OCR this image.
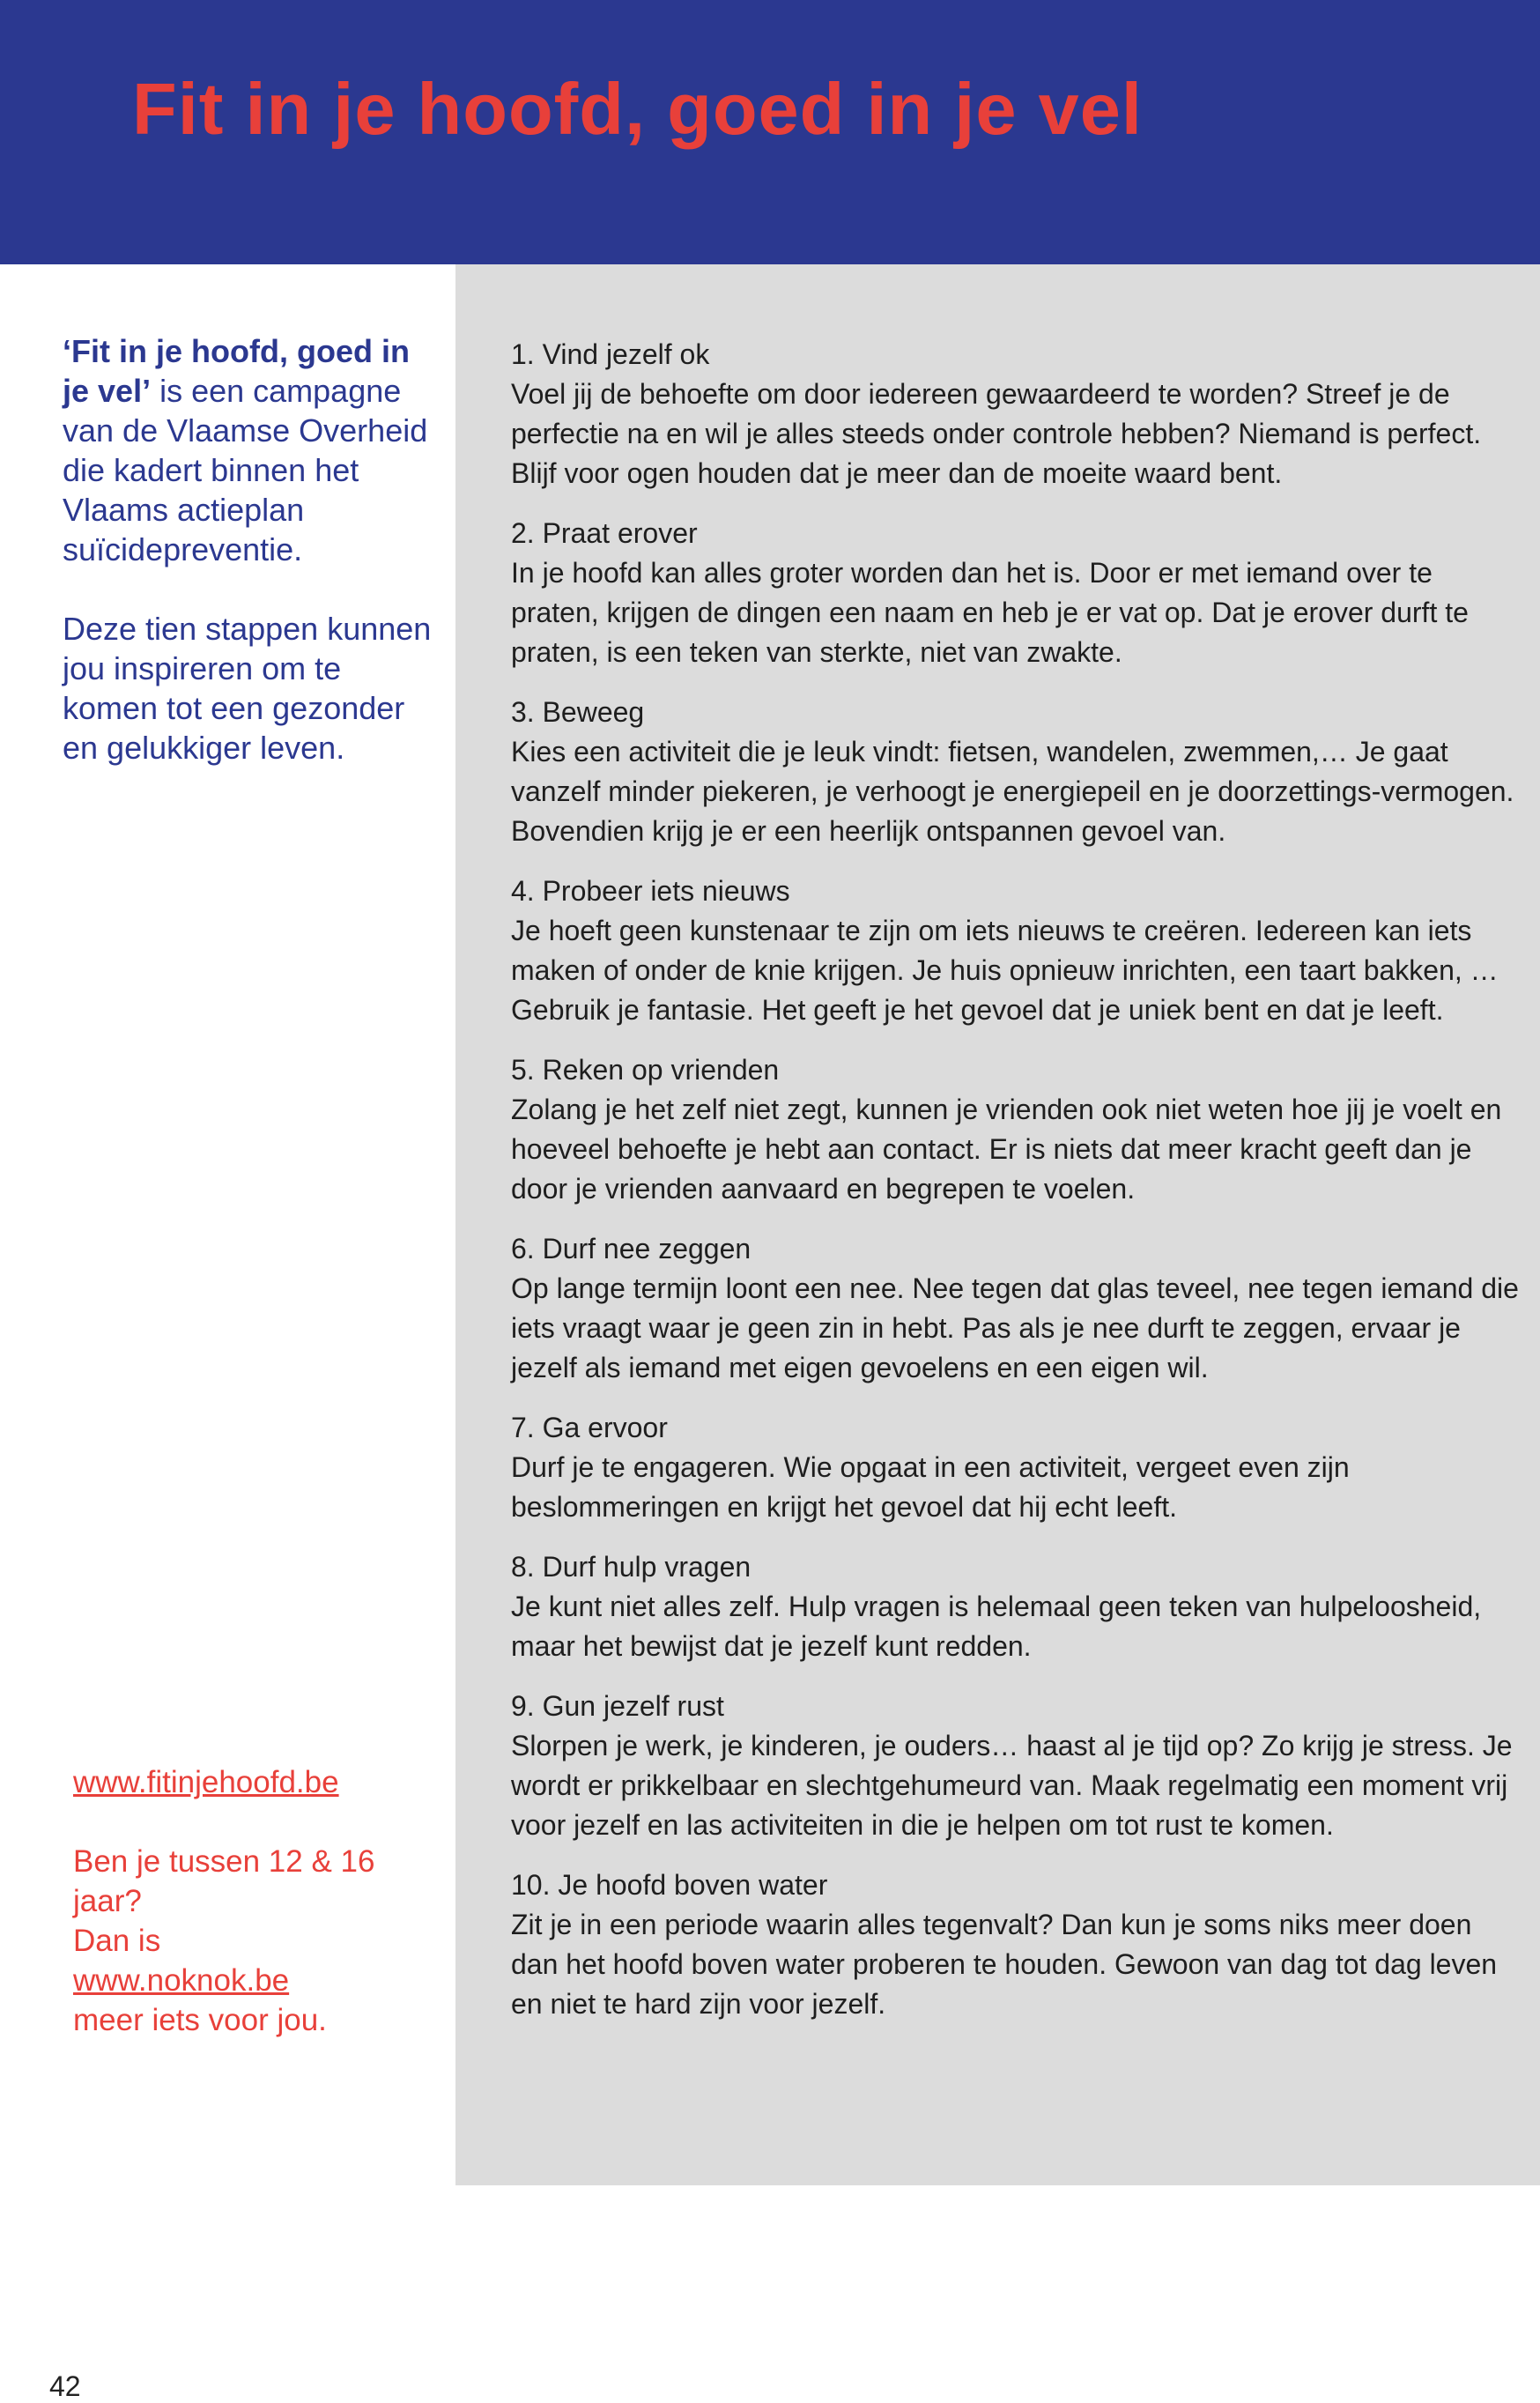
Fit in je hoofd, goed in je vel

‘Fit in je hoofd, goed in je vel’ is een campagne van de Vlaamse Overheid die kadert binnen het Vlaams actieplan suïcidepreventie.

Deze tien stappen kunnen jou inspireren om te komen tot een gezonder en gelukkiger leven.

www.fitinjehoofd.be

Ben je tussen 12 & 16 jaar?
Dan is
www.noknok.be
meer iets voor jou.

42
1. Vind jezelf ok
Voel jij de behoefte om door iedereen gewaardeerd te worden? Streef je de perfectie na en wil je alles steeds onder controle hebben? Niemand is perfect. Blijf voor ogen houden dat je meer dan de moeite waard bent.
2. Praat erover
In je hoofd kan alles groter worden dan het is. Door er met iemand over te praten, krijgen de dingen een naam en heb je er vat op. Dat je erover durft te praten, is een teken van sterkte, niet van zwakte.
3. Beweeg
Kies een activiteit die je leuk vindt: fietsen, wandelen, zwemmen,… Je gaat vanzelf minder piekeren, je verhoogt je energiepeil en je doorzettings-vermogen. Bovendien krijg je er een heerlijk ontspannen gevoel van.
4. Probeer iets nieuws
Je hoeft geen kunstenaar te zijn om iets nieuws te creëren. Iedereen kan iets maken of onder de knie krijgen. Je huis opnieuw inrichten, een taart bakken, … Gebruik je fantasie. Het geeft je het gevoel dat je uniek bent en dat je leeft.
5. Reken op vrienden
Zolang je het zelf niet zegt, kunnen je vrienden ook niet weten hoe jij je voelt en hoeveel behoefte je hebt aan contact. Er is niets dat meer kracht geeft dan je door je vrienden aanvaard en begrepen te voelen.
6. Durf nee zeggen
Op lange termijn loont een nee. Nee tegen dat glas teveel, nee tegen iemand die iets vraagt waar je geen zin in hebt. Pas als je nee durft te zeggen, ervaar je jezelf als iemand met eigen gevoelens en een eigen wil.
7. Ga ervoor
Durf je te engageren. Wie opgaat in een activiteit, vergeet even zijn beslommeringen en krijgt het gevoel dat hij echt leeft.
8. Durf hulp vragen
Je kunt niet alles zelf. Hulp vragen is helemaal geen teken van hulpeloosheid, maar het bewijst dat je jezelf kunt redden.
9. Gun jezelf rust
Slorpen je werk, je kinderen, je ouders… haast al je tijd op? Zo krijg je stress. Je wordt er prikkelbaar en slechtgehumeurd van. Maak regelmatig een moment vrij voor jezelf en las activiteiten in die je helpen om tot rust te komen.
10. Je hoofd boven water
Zit je in een periode waarin alles tegenvalt? Dan kun je soms niks meer doen dan het hoofd boven water proberen te houden. Gewoon van dag tot dag leven en niet te hard zijn voor jezelf.
